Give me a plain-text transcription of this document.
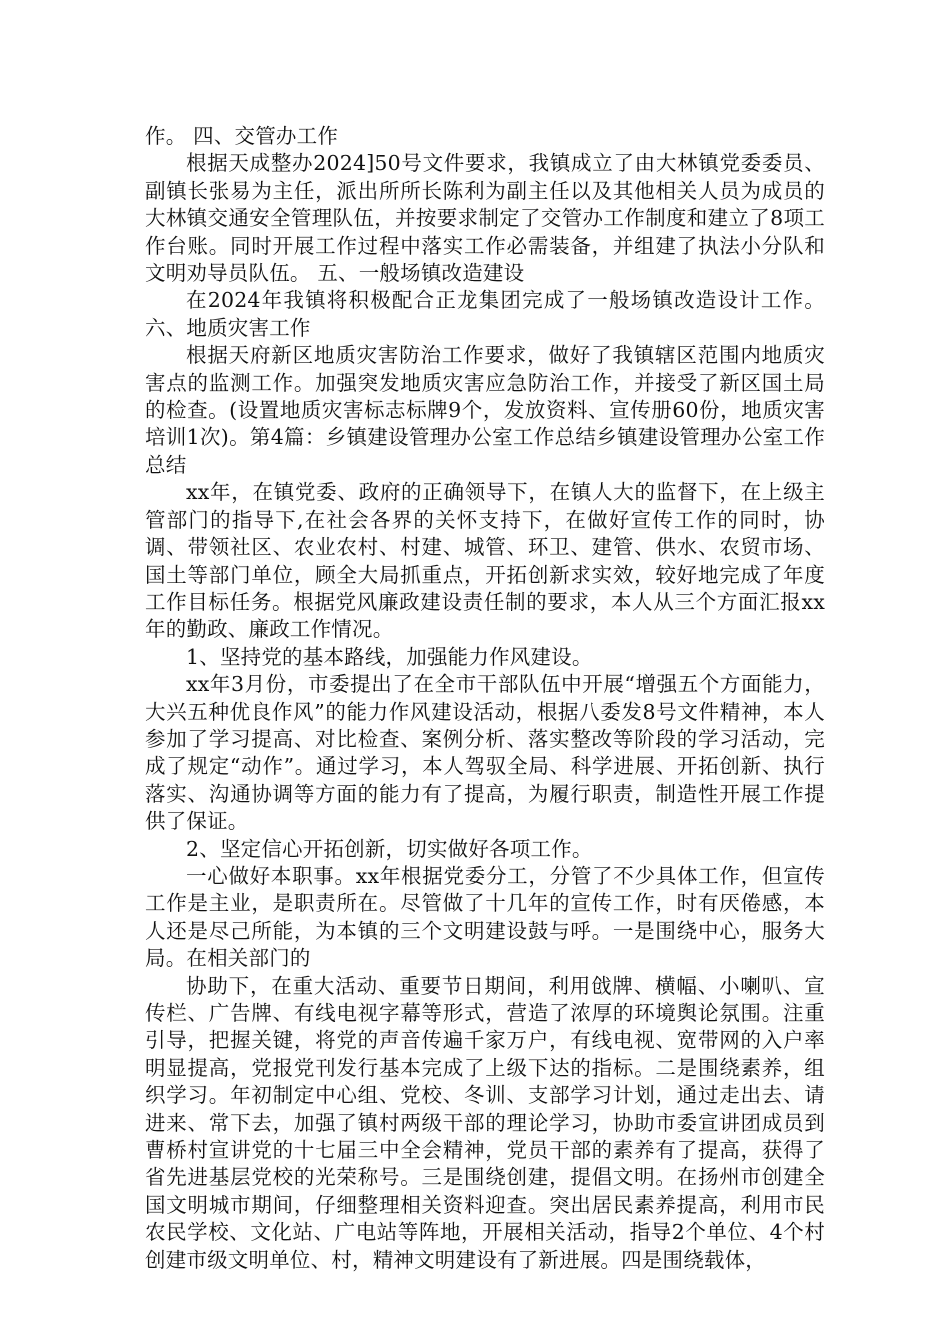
作。 四、交管办工作

根据天成整办2024]50号文件要求，我镇成立了由大林镇党委委员、副镇长张易为主任，派出所所长陈利为副主任以及其他相关人员为成员的大林镇交通安全管理队伍，并按要求制定了交管办工作制度和建立了8项工作台账。同时开展工作过程中落实工作必需装备，并组建了执法小分队和文明劝导员队伍。 五、一般场镇改造建设

在2024年我镇将积极配合正龙集团完成了一般场镇改造设计工作。 六、地质灾害工作

根据天府新区地质灾害防治工作要求，做好了我镇辖区范围内地质灾害点的监测工作。加强突发地质灾害应急防治工作，并接受了新区国土局的检查。(设置地质灾害标志标牌9个，发放资料、宣传册60份，地质灾害培训1次)。第4篇：乡镇建设管理办公室工作总结乡镇建设管理办公室工作总结

xx年，在镇党委、政府的正确领导下，在镇人大的监督下，在上级主管部门的指导下,在社会各界的关怀支持下，在做好宣传工作的同时，协调、带领社区、农业农村、村建、城管、环卫、建管、供水、农贸市场、国土等部门单位，顾全大局抓重点，开拓创新求实效，较好地完成了年度工作目标任务。根据党风廉政建设责任制的要求，本人从三个方面汇报xx年的勤政、廉政工作情况。

1、坚持党的基本路线，加强能力作风建设。

xx年3月份，市委提出了在全市干部队伍中开展“增强五个方面能力，大兴五种优良作风”的能力作风建设活动，根据八委发8号文件精神，本人参加了学习提高、对比检查、案例分析、落实整改等阶段的学习活动，完成了规定“动作”。通过学习，本人驾驭全局、科学进展、开拓创新、执行落实、沟通协调等方面的能力有了提高，为履行职责，制造性开展工作提供了保证。

2、坚定信心开拓创新，切实做好各项工作。

一心做好本职事。xx年根据党委分工，分管了不少具体工作，但宣传工作是主业，是职责所在。尽管做了十几年的宣传工作，时有厌倦感，本人还是尽己所能，为本镇的三个文明建设鼓与呼。一是围绕中心，服务大局。在相关部门的

协助下，在重大活动、重要节日期间，利用戗牌、横幅、小喇叭、宣传栏、广告牌、有线电视字幕等形式，营造了浓厚的环境舆论氛围。注重引导，把握关键，将党的声音传遍千家万户，有线电视、宽带网的入户率明显提高，党报党刊发行基本完成了上级下达的指标。二是围绕素养，组织学习。年初制定中心组、党校、冬训、支部学习计划，通过走出去、请进来、常下去，加强了镇村两级干部的理论学习，协助市委宣讲团成员到曹桥村宣讲党的十七届三中全会精神，党员干部的素养有了提高，获得了省先进基层党校的光荣称号。三是围绕创建，提倡文明。在扬州市创建全国文明城市期间，仔细整理相关资料迎查。突出居民素养提高，利用市民农民学校、文化站、广电站等阵地，开展相关活动，指导2个单位、4个村创建市级文明单位、村，精神文明建设有了新进展。四是围绕载体，
